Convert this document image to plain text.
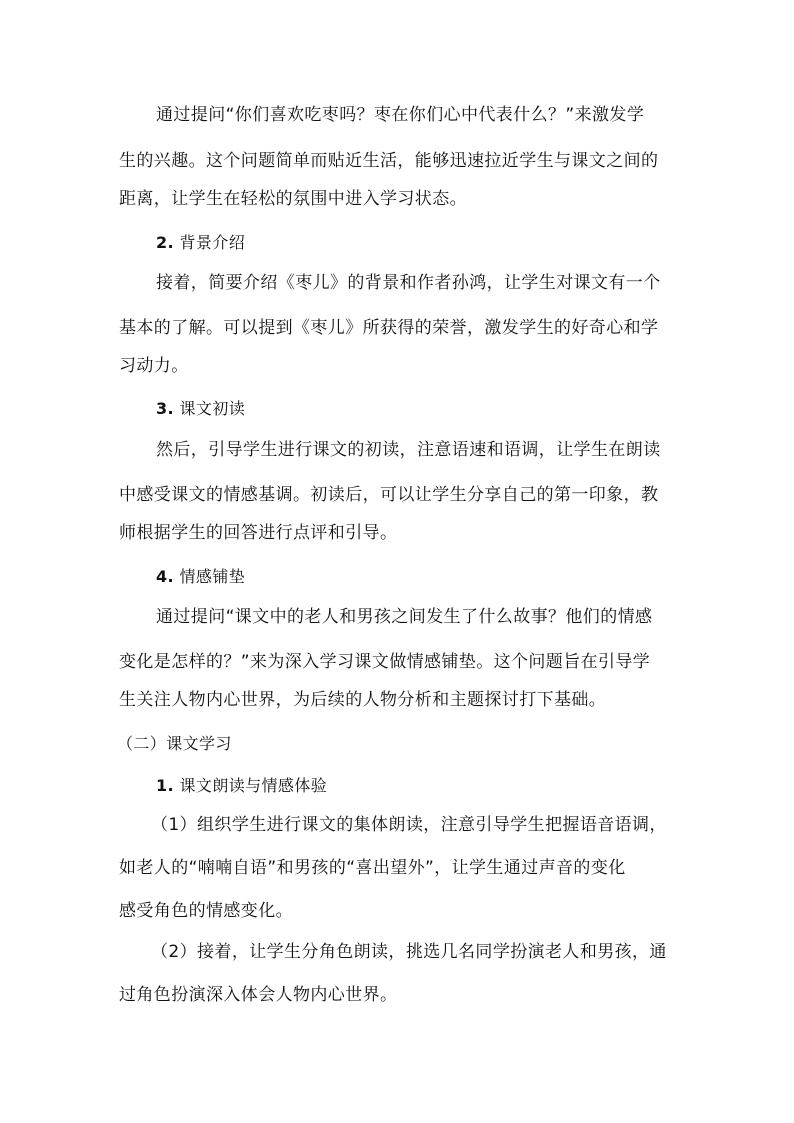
通过提问“你们喜欢吃枣吗？枣在你们心中代表什么？”来激发学
生的兴趣。这个问题简单而贴近生活，能够迅速拉近学生与课文之间的
距离，让学生在轻松的氛围中进入学习状态。
2. 背景介绍
接着，简要介绍《枣儿》的背景和作者孙鸿，让学生对课文有一个
基本的了解。可以提到《枣儿》所获得的荣誉，激发学生的好奇心和学
习动力。
3. 课文初读
然后，引导学生进行课文的初读，注意语速和语调，让学生在朗读
中感受课文的情感基调。初读后，可以让学生分享自己的第一印象，教
师根据学生的回答进行点评和引导。
4. 情感铺垫
通过提问“课文中的老人和男孩之间发生了什么故事？他们的情感
变化是怎样的？”来为深入学习课文做情感铺垫。这个问题旨在引导学
生关注人物内心世界，为后续的人物分析和主题探讨打下基础。
（二）课文学习
1. 课文朗读与情感体验
（1）组织学生进行课文的集体朗读，注意引导学生把握语音语调，
如老人的“喃喃自语”和男孩的“喜出望外”，让学生通过声音的变化
感受角色的情感变化。
（2）接着，让学生分角色朗读，挑选几名同学扮演老人和男孩，通
过角色扮演深入体会人物内心世界。
